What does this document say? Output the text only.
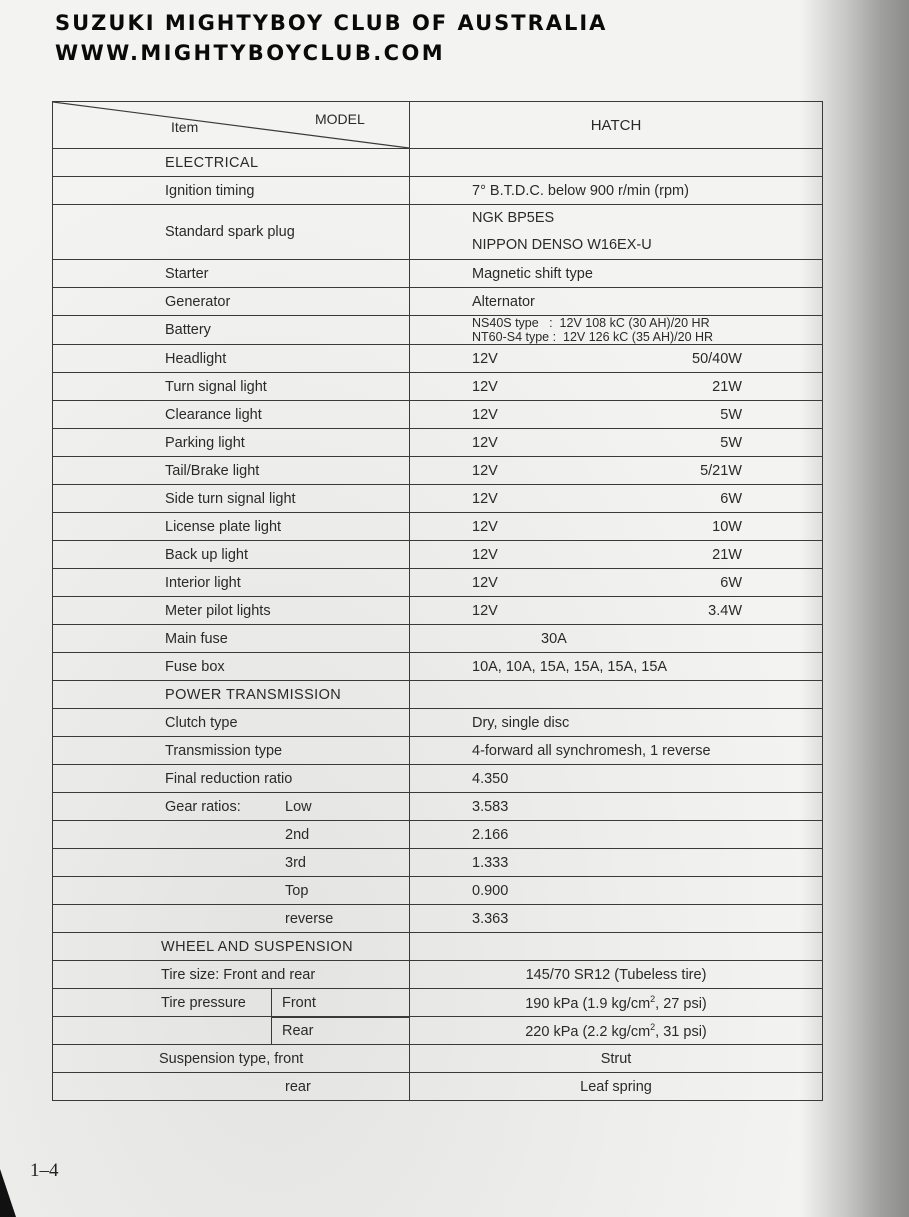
SUZUKI MIGHTYBOY CLUB OF AUSTRALIA
WWW.MIGHTYBOYCLUB.COM
Item MODEL	HATCH
ELECTRICAL	
Ignition timing	7° B.T.D.C. below 900 r/min (rpm)
Standard spark plug	NGK BP5ES
NIPPON DENSO W16EX-U

Starter	Magnetic shift type
Generator	Alternator
Battery	NS40S type   :  12V 108 kC (30 AH)/20 HR
NT60-S4 type :  12V 126 kC (35 AH)/20 HR

Headlight	12V 50/40W

Turn signal light	12V 21W

Clearance light	12V 5W

Parking light	12V 5W

Tail/Brake light	12V 5/21W

Side turn signal light	12V 6W

License plate light	12V 10W

Back up light	12V 21W

Interior light	12V 6W

Meter pilot lights	12V 3.4W

Main fuse	30A
Fuse box	10A, 10A, 15A, 15A, 15A, 15A
POWER TRANSMISSION	
Clutch type	Dry, single disc
Transmission type	4-forward all synchromesh, 1 reverse
Final reduction ratio	4.350
Gear ratios: Low	3.583
2nd	2.166
3rd	1.333
Top	0.900
reverse	3.363
WHEEL AND SUSPENSION	
Tire size: Front and rear	145/70 SR12 (Tubeless tire)
Tire pressure Front	190 kPa (1.9 $kg/cm^2$, 27 psi)

Rear	220 kPa (2.2 $kg/cm^2$, 31 psi)
Suspension type, front	Strut
rear	Leaf spring
1–4
